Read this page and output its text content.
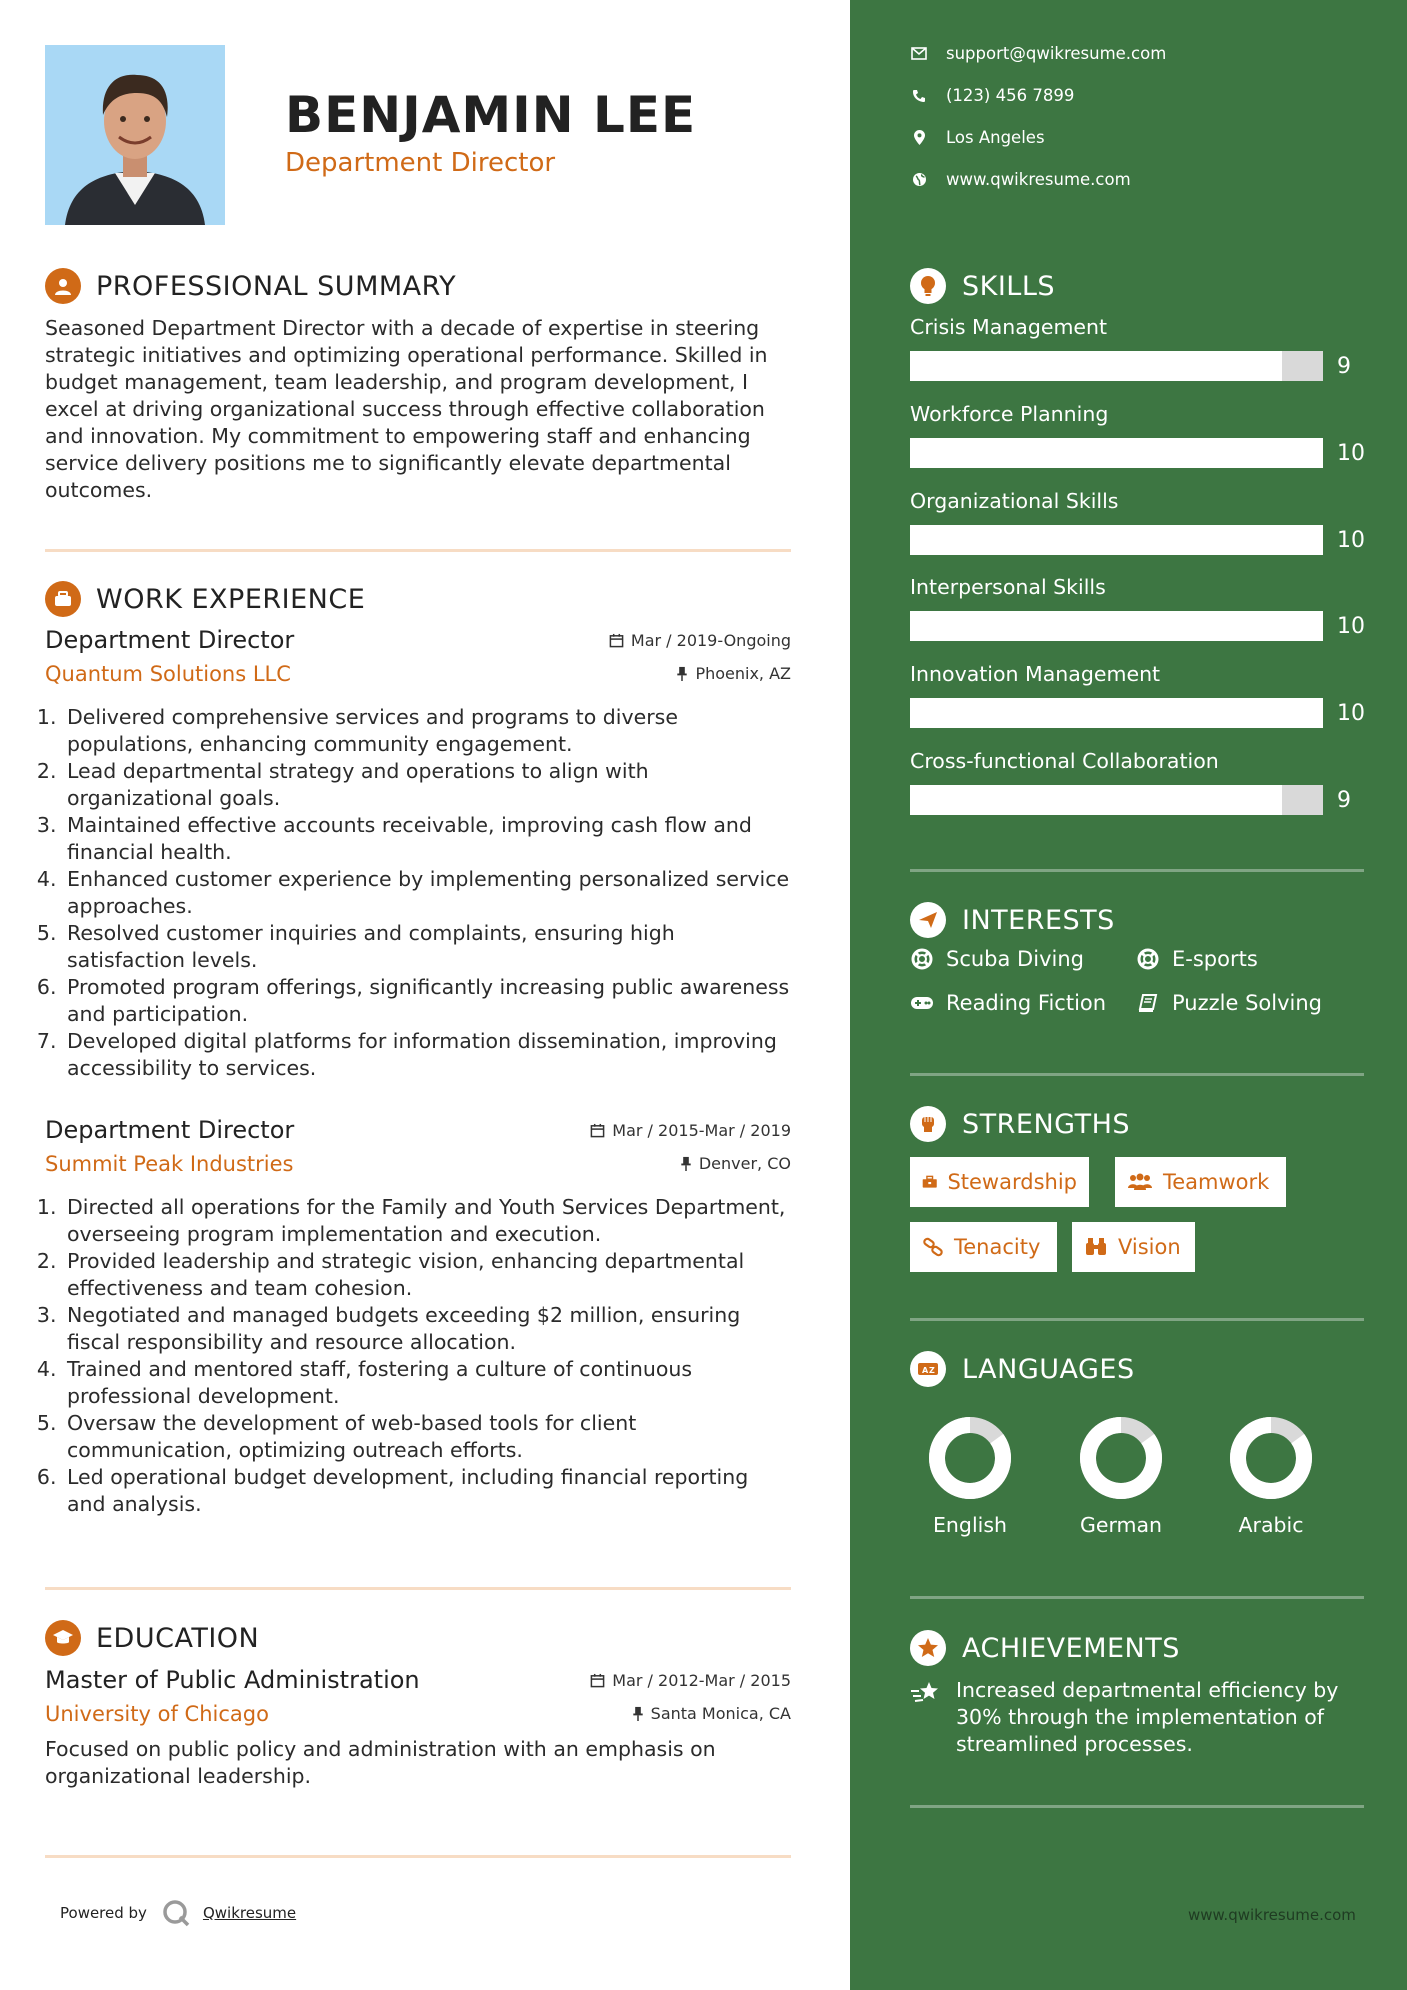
BENJAMIN LEE
Department Director
PROFESSIONAL SUMMARY
Seasoned Department Director with a decade of expertise in steering strategic initiatives and optimizing operational performance. Skilled in budget management, team leadership, and program development, I excel at driving organizational success through effective collaboration and innovation. My commitment to empowering staff and enhancing service delivery positions me to significantly elevate departmental outcomes.
WORK EXPERIENCE
Department Director	Mar / 2019-Ongoing
Quantum Solutions LLC	Phoenix, AZ
1. Delivered comprehensive services and programs to diverse populations, enhancing community engagement.
2. Lead departmental strategy and operations to align with organizational goals.
3. Maintained effective accounts receivable, improving cash flow and financial health.
4. Enhanced customer experience by implementing personalized service approaches.
5. Resolved customer inquiries and complaints, ensuring high satisfaction levels.
6. Promoted program offerings, significantly increasing public awareness and participation.
7. Developed digital platforms for information dissemination, improving accessibility to services.
Department Director	Mar / 2015-Mar / 2019
Summit Peak Industries	Denver, CO
1. Directed all operations for the Family and Youth Services Department, overseeing program implementation and execution.
2. Provided leadership and strategic vision, enhancing departmental effectiveness and team cohesion.
3. Negotiated and managed budgets exceeding $2 million, ensuring fiscal responsibility and resource allocation.
4. Trained and mentored staff, fostering a culture of continuous professional development.
5. Oversaw the development of web-based tools for client communication, optimizing outreach efforts.
6. Led operational budget development, including financial reporting and analysis.
EDUCATION
Master of Public Administration	Mar / 2012-Mar / 2015
University of Chicago	Santa Monica, CA
Focused on public policy and administration with an emphasis on organizational leadership.
Powered by	Qwikresume
support@qwikresume.com
(123) 456 7899
Los Angeles
www.qwikresume.com
SKILLS
Crisis Management
9
Workforce Planning
10
Organizational Skills
10
Interpersonal Skills
10
Innovation Management
10
Cross-functional Collaboration
9
INTERESTS
Scuba Diving	E-sports
Reading Fiction	Puzzle Solving
STRENGTHS
Stewardship	Teamwork
Tenacity	Vision
A Z LANGUAGES
English	German	Arabic
ACHIEVEMENTS
Increased departmental efficiency by 30% through the implementation of streamlined processes.
www.qwikresume.com
